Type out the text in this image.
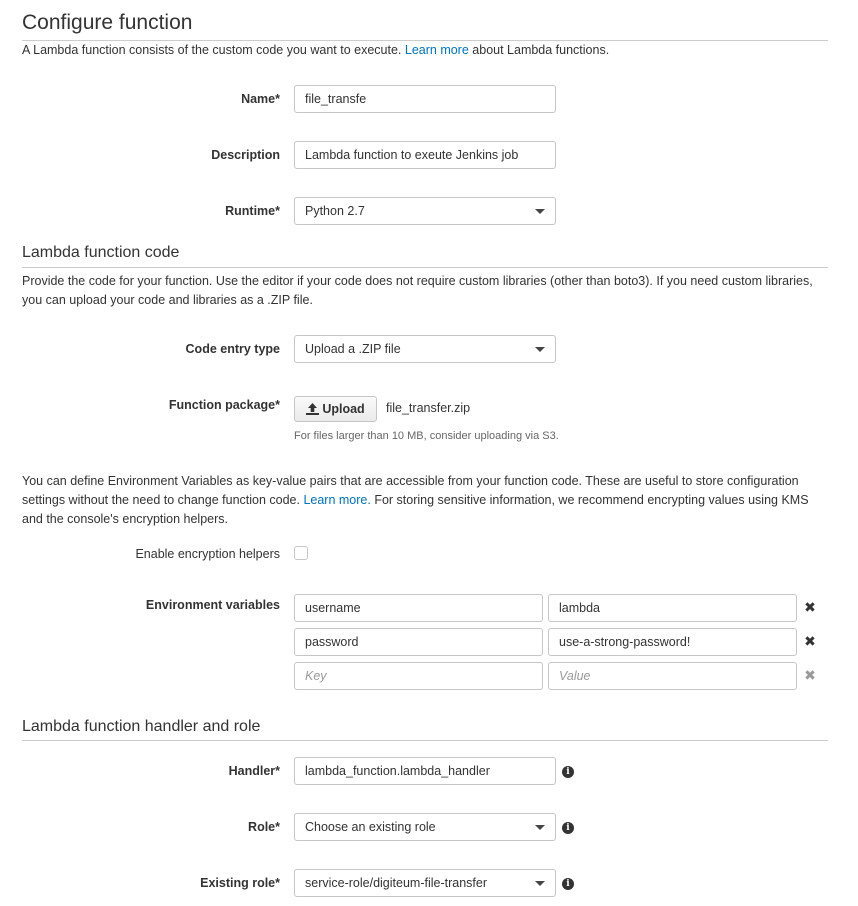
Configure function
A Lambda function consists of the custom code you want to execute. Learn more about Lambda functions.
Name*	file_transfe
Description	Lambda function to exeute Jenkins job
Runtime*	Python 2.7
Lambda function code
Provide the code for your function. Use the editor if your code does not require custom libraries (other than boto3). If you need custom libraries,
you can upload your code and libraries as a .ZIP file.
Code entry type	Upload a .ZIP file
Function package*	Upload file_transfer.zip
For files larger than 10 MB, consider uploading via S3.
You can define Environment Variables as key-value pairs that are accessible from your function code. These are useful to store configuration
settings without the need to change function code. Learn more. For storing sensitive information, we recommend encrypting values using KMS
and the console's encryption helpers.
Enable encryption helpers
Environment variables	username	lambda	✖
password	use-a-strong-password!	✖
Key	Value	✖
Lambda function handler and role
Handler*	lambda_function.lambda_handler	i
Role*	Choose an existing role	i
Existing role*	service-role/digiteum-file-transfer	i
